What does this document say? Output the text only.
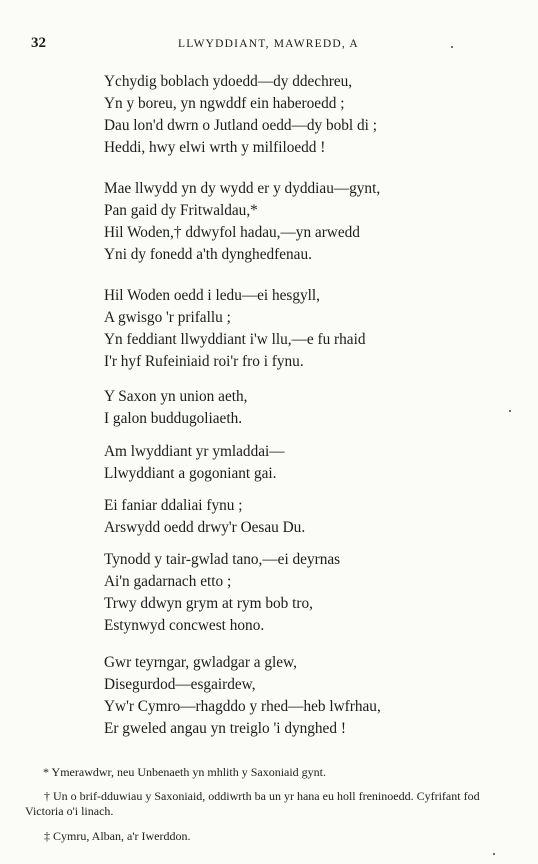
32	LLWYDDIANT, MAWREDD, A
Ychydig boblach ydoedd—dy ddechreu,
Yn y boreu, yn ngwddf ein haberoedd ;
Dau lon'd dwrn o Jutland oedd—dy bobl di ;
Heddi, hwy elwi wrth y milfiloedd !
Mae llwydd yn dy wydd er y dyddiau—gynt,
Pan gaid dy Fritwaldau,*
Hil Woden,† ddwyfol hadau,—yn arwedd
Yni dy fonedd a'th dynghedfenau.
Hil Woden oedd i ledu—ei hesgyll,
A gwisgo 'r prifallu ;
Yn feddiant llwyddiant i'w llu,—e fu rhaid
I'r hyf Rufeiniaid roi'r fro i fynu.
Y Saxon yn union aeth,
I galon buddugoliaeth.
Am lwyddiant yr ymladdai—
Llwyddiant a gogoniant gai.
Ei faniar ddaliai fynu ;
Arswydd oedd drwy'r Oesau Du.
Tynodd y tair-gwlad tano,—ei deyrnas
Ai'n gadarnach etto ;
Trwy ddwyn grym at rym bob tro,
Estynwyd concwest hono.
Gwr teyrngar, gwladgar a glew,
Disegurdod—esgairdew,
Yw'r Cymro—rhagddo y rhed—heb lwfrhau,
Er gweled angau yn treiglo 'i dynghed !
* Ymerawdwr, neu Unbenaeth yn mhlith y Saxoniaid gynt.
† Un o brif-dduwiau y Saxoniaid, oddiwrth ba un yr hana eu holl freninoedd. Cyfrifant fod Victoria o'i linach.
‡ Cymru, Alban, a'r Iwerddon.
